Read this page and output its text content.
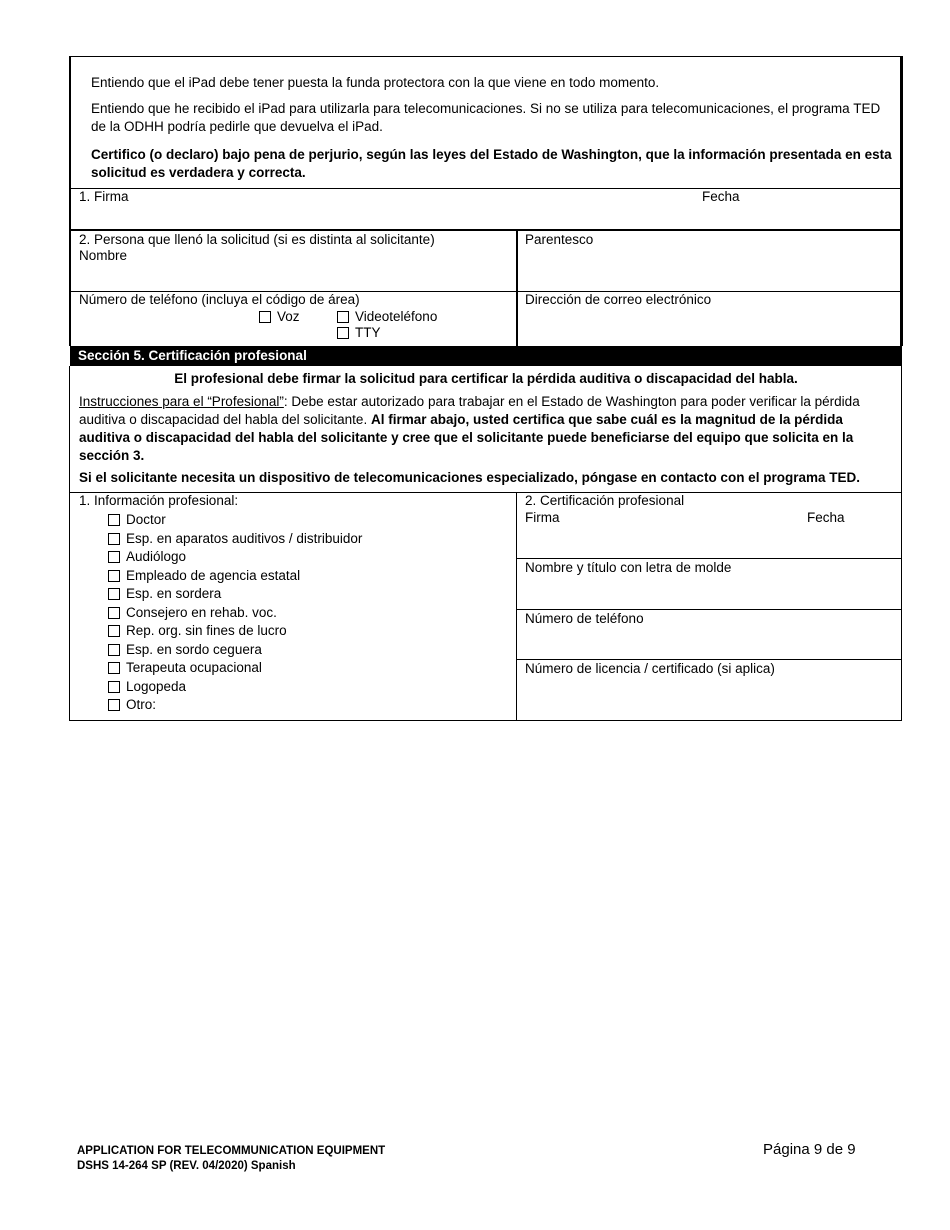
Entiendo que el iPad debe tener puesta la funda protectora con la que viene en todo momento.
Entiendo que he recibido el iPad para utilizarla para telecomunicaciones. Si no se utiliza para telecomunicaciones, el programa TED de la ODHH podría pedirle que devuelva el iPad.
Certifico (o declaro) bajo pena de perjurio, según las leyes del Estado de Washington, que la información presentada en esta solicitud es verdadera y correcta.
1. Firma	Fecha
2. Persona que llenó la solicitud (si es distinta al solicitante)
Nombre
Parentesco
Número de teléfono (incluya el código de área)
Voz	Videoteléfono
TTY
Dirección de correo electrónico
Sección 5. Certificación profesional
El profesional debe firmar la solicitud para certificar la pérdida auditiva o discapacidad del habla.
Instrucciones para el “Profesional”: Debe estar autorizado para trabajar en el Estado de Washington para poder verificar la pérdida auditiva o discapacidad del habla del solicitante. Al firmar abajo, usted certifica que sabe cuál es la magnitud de la pérdida auditiva o discapacidad del habla del solicitante y cree que el solicitante puede beneficiarse del equipo que solicita en la sección 3.
Si el solicitante necesita un dispositivo de telecomunicaciones especializado, póngase en contacto con el programa TED.
1. Información profesional:
Doctor
Esp. en aparatos auditivos / distribuidor
Audiólogo
Empleado de agencia estatal
Esp. en sordera
Consejero en rehab. voc.
Rep. org. sin fines de lucro
Esp. en sordo ceguera
Terapeuta ocupacional
Logopeda
Otro:
2. Certificación profesional
Firma	Fecha
Nombre y título con letra de molde
Número de teléfono
Número de licencia / certificado (si aplica)
APPLICATION FOR TELECOMMUNICATION EQUIPMENT
DSHS 14-264 SP (REV. 04/2020) Spanish
Página 9 de 9
